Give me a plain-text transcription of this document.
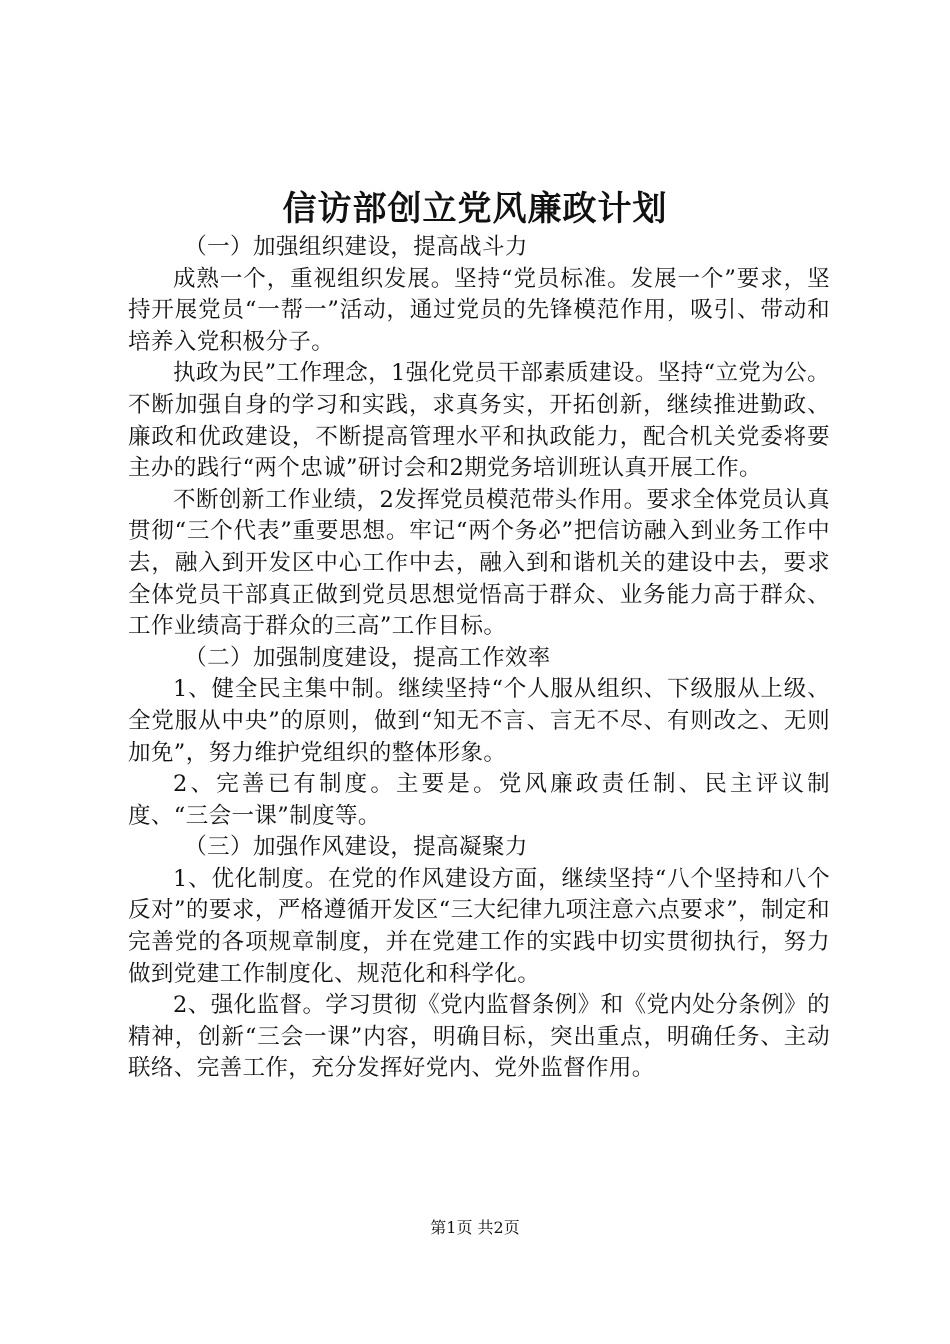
信访部创立党风廉政计划

（一）加强组织建设，提高战斗力

成熟一个，重视组织发展。坚持“党员标准。发展一个”要求，坚持开展党员“一帮一”活动，通过党员的先锋模范作用，吸引、带动和培养入党积极分子。

执政为民”工作理念，1强化党员干部素质建设。坚持“立党为公。不断加强自身的学习和实践，求真务实，开拓创新，继续推进勤政、廉政和优政建设，不断提高管理水平和执政能力，配合机关党委将要主办的践行“两个忠诚”研讨会和2期党务培训班认真开展工作。

不断创新工作业绩，2发挥党员模范带头作用。要求全体党员认真贯彻“三个代表”重要思想。牢记“两个务必”把信访融入到业务工作中去，融入到开发区中心工作中去，融入到和谐机关的建设中去，要求全体党员干部真正做到党员思想觉悟高于群众、业务能力高于群众、工作业绩高于群众的三高”工作目标。

（二）加强制度建设，提高工作效率

1、健全民主集中制。继续坚持“个人服从组织、下级服从上级、全党服从中央”的原则，做到“知无不言、言无不尽、有则改之、无则加免”，努力维护党组织的整体形象。

2、完善已有制度。主要是。党风廉政责任制、民主评议制度、“三会一课”制度等。

（三）加强作风建设，提高凝聚力

1、优化制度。在党的作风建设方面，继续坚持“八个坚持和八个反对”的要求，严格遵循开发区“三大纪律九项注意六点要求”，制定和完善党的各项规章制度，并在党建工作的实践中切实贯彻执行，努力做到党建工作制度化、规范化和科学化。

2、强化监督。学习贯彻《党内监督条例》和《党内处分条例》的精神，创新“三会一课”内容，明确目标，突出重点，明确任务、主动联络、完善工作，充分发挥好党内、党外监督作用。

第1页 共2页
